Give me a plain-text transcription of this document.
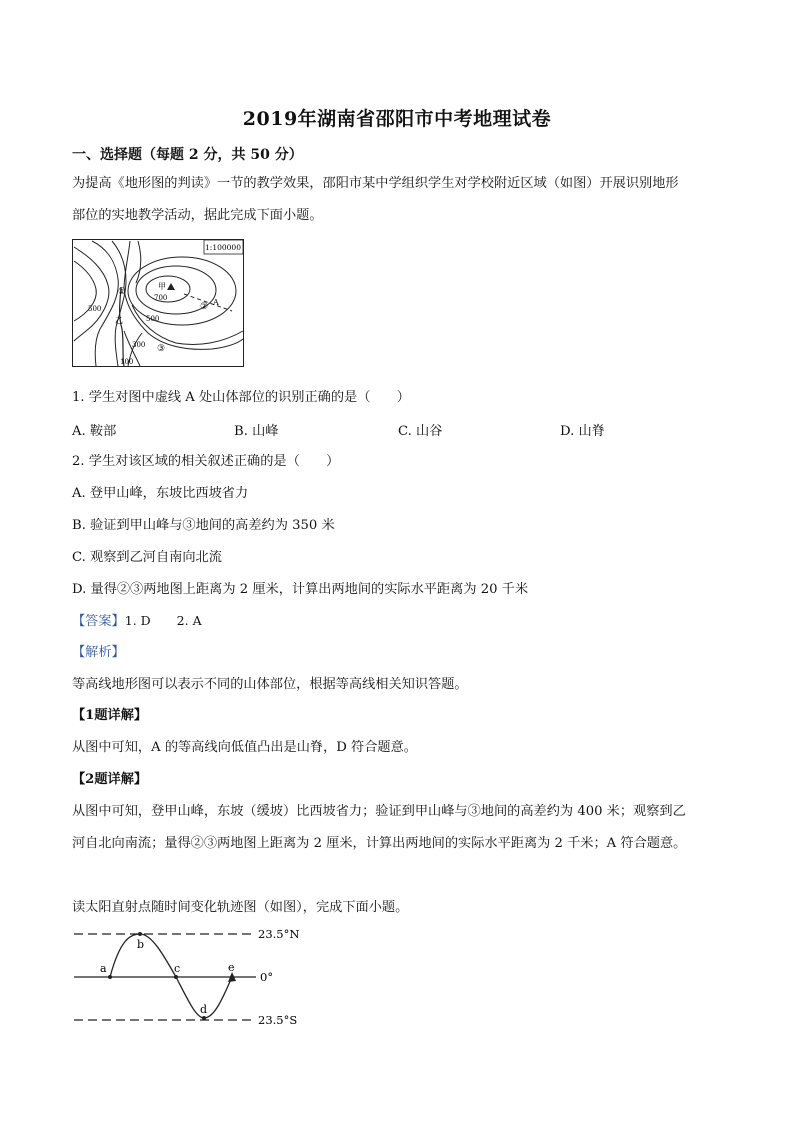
2019年湖南省邵阳市中考地理试卷
一、选择题（每题 2 分，共 50 分）
为提高《地形图的判读》一节的教学效果，邵阳市某中学组织学生对学校附近区域（如图）开展识别地形
部位的实地教学活动，据此完成下面小题。
1:100000
甲
700	A
①
②
③
乙
500
500
300
100
1. 学生对图中虚线 A 处山体部位的识别正确的是（　　）
A. 鞍部	B. 山峰	C. 山谷	D. 山脊
2. 学生对该区域的相关叙述正确的是（　　）
A. 登甲山峰，东坡比西坡省力
B. 验证到甲山峰与③地间的高差约为 350 米
C. 观察到乙河自南向北流
D. 量得②③两地图上距离为 2 厘米，计算出两地间的实际水平距离为 20 千米
【答案】1. D 2. A
【解析】
等高线地形图可以表示不同的山体部位，根据等高线相关知识答题。
【1题详解】
从图中可知，A 的等高线向低值凸出是山脊，D 符合题意。
【2题详解】
从图中可知，登甲山峰，东坡（缓坡）比西坡省力；验证到甲山峰与③地间的高差约为 400 米；观察到乙
河自北向南流；量得②③两地图上距离为 2 厘米，计算出两地间的实际水平距离为 2 千米；A 符合题意。
读太阳直射点随时间变化轨迹图（如图），完成下面小题。
a
b
c
d
e
23.5°N
0°
23.5°S
